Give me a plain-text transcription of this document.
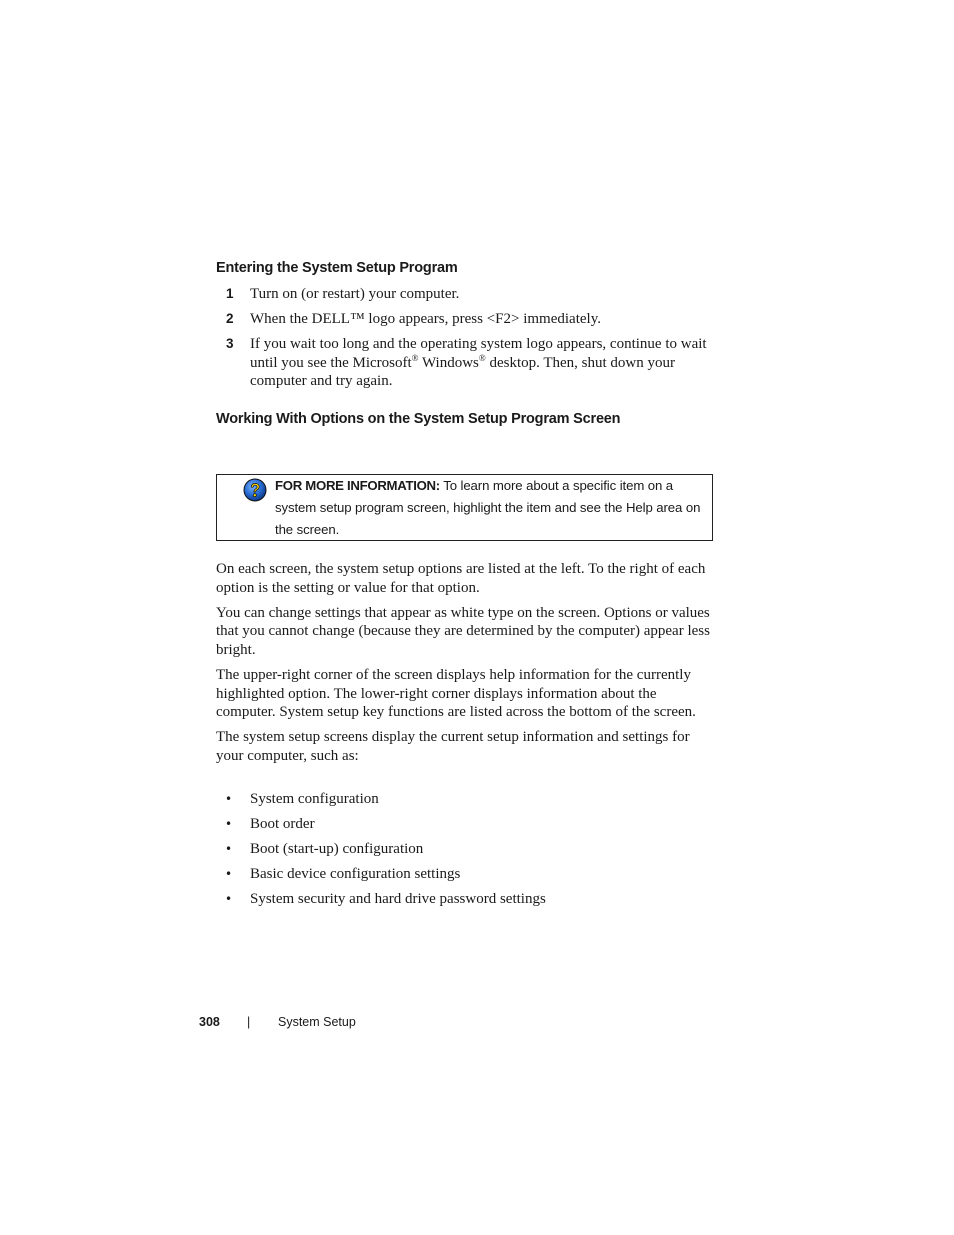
Entering the System Setup Program
1 Turn on (or restart) your computer.
2 When the DELL™ logo appears, press <F2> immediately.
3 If you wait too long and the operating system logo appears, continue to wait until you see the Microsoft® Windows® desktop. Then, shut down your computer and try again.
Working With Options on the System Setup Program Screen
FOR MORE INFORMATION: To learn more about a specific item on a system setup program screen, highlight the item and see the Help area on the screen.

On each screen, the system setup options are listed at the left. To the right of each option is the setting or value for that option.

You can change settings that appear as white type on the screen. Options or values that you cannot change (because they are determined by the computer) appear less bright.

The upper-right corner of the screen displays help information for the currently highlighted option. The lower-right corner displays information about the computer. System setup key functions are listed across the bottom of the screen.

The system setup screens display the current setup information and settings for your computer, such as:

• System configuration
• Boot order
• Boot (start-up) configuration
• Basic device configuration settings
• System security and hard drive password settings
308 | System Setup
